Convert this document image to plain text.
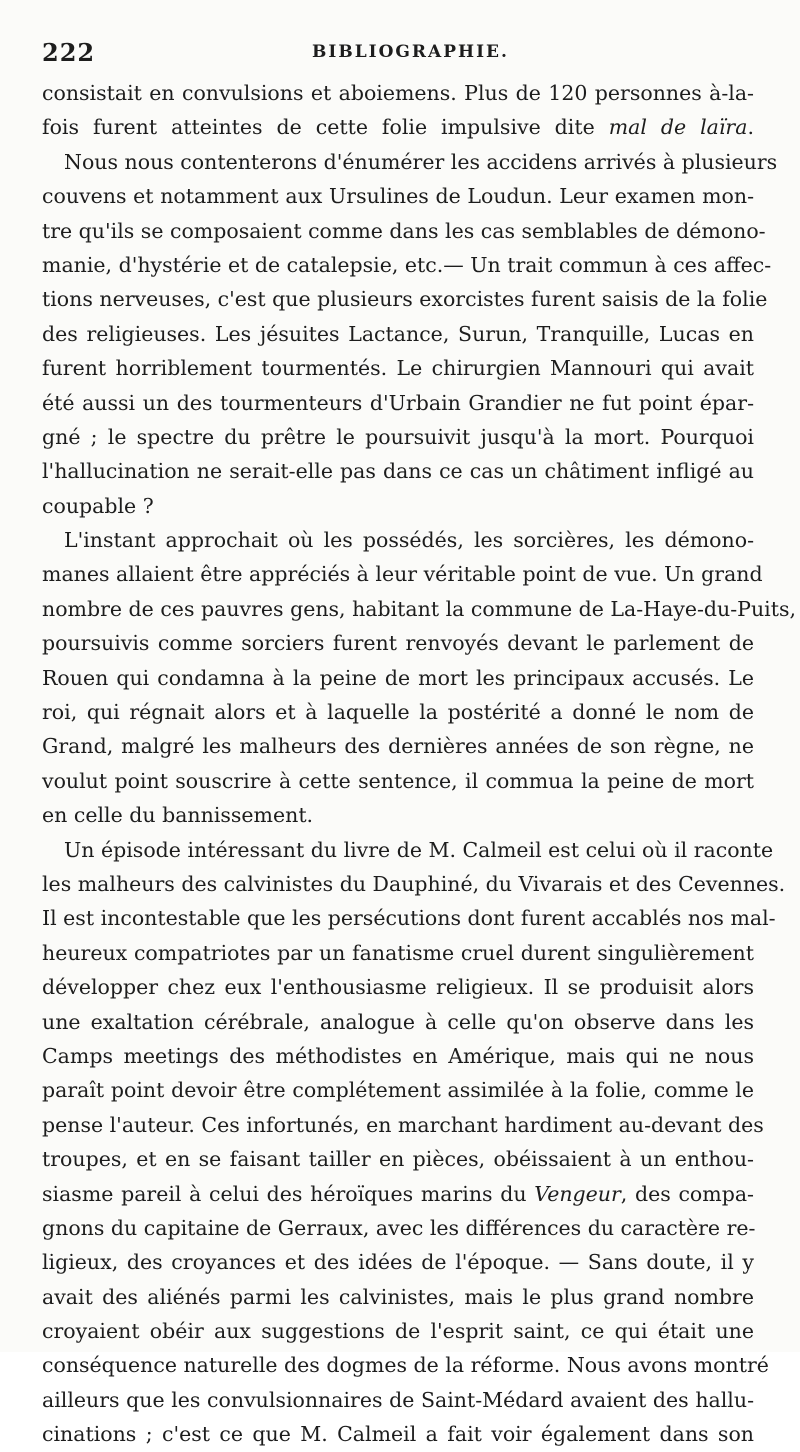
222	BIBLIOGRAPHIE.
consistait en convulsions et aboiemens. Plus de 120 personnes à-la-
fois furent atteintes de cette folie impulsive dite mal de laïra.
Nous nous contenterons d'énumérer les accidens arrivés à plusieurs
couvens et notamment aux Ursulines de Loudun. Leur examen mon-
tre qu'ils se composaient comme dans les cas semblables de démono-
manie, d'hystérie et de catalepsie, etc.— Un trait commun à ces affec-
tions nerveuses, c'est que plusieurs exorcistes furent saisis de la folie
des religieuses. Les jésuites Lactance, Surun, Tranquille, Lucas en
furent horriblement tourmentés. Le chirurgien Mannouri qui avait
été aussi un des tourmenteurs d'Urbain Grandier ne fut point épar-
gné ; le spectre du prêtre le poursuivit jusqu'à la mort. Pourquoi
l'hallucination ne serait-elle pas dans ce cas un châtiment infligé au
coupable ?
L'instant approchait où les possédés, les sorcières, les démono-
manes allaient être appréciés à leur véritable point de vue. Un grand
nombre de ces pauvres gens, habitant la commune de La-Haye-du-Puits,
poursuivis comme sorciers furent renvoyés devant le parlement de
Rouen qui condamna à la peine de mort les principaux accusés. Le
roi, qui régnait alors et à laquelle la postérité a donné le nom de
Grand, malgré les malheurs des dernières années de son règne, ne
voulut point souscrire à cette sentence, il commua la peine de mort
en celle du bannissement.
Un épisode intéressant du livre de M. Calmeil est celui où il raconte
les malheurs des calvinistes du Dauphiné, du Vivarais et des Cevennes.
Il est incontestable que les persécutions dont furent accablés nos mal-
heureux compatriotes par un fanatisme cruel durent singulièrement
développer chez eux l'enthousiasme religieux. Il se produisit alors
une exaltation cérébrale, analogue à celle qu'on observe dans les
Camps meetings des méthodistes en Amérique, mais qui ne nous
paraît point devoir être complétement assimilée à la folie, comme le
pense l'auteur. Ces infortunés, en marchant hardiment au-devant des
troupes, et en se faisant tailler en pièces, obéissaient à un enthou-
siasme pareil à celui des héroïques marins du Vengeur, des compa-
gnons du capitaine de Gerraux, avec les différences du caractère re-
ligieux, des croyances et des idées de l'époque. — Sans doute, il y
avait des aliénés parmi les calvinistes, mais le plus grand nombre
croyaient obéir aux suggestions de l'esprit saint, ce qui était une
conséquence naturelle des dogmes de la réforme. Nous avons montré
ailleurs que les convulsionnaires de Saint-Médard avaient des hallu-
cinations ; c'est ce que M. Calmeil a fait voir également dans son
